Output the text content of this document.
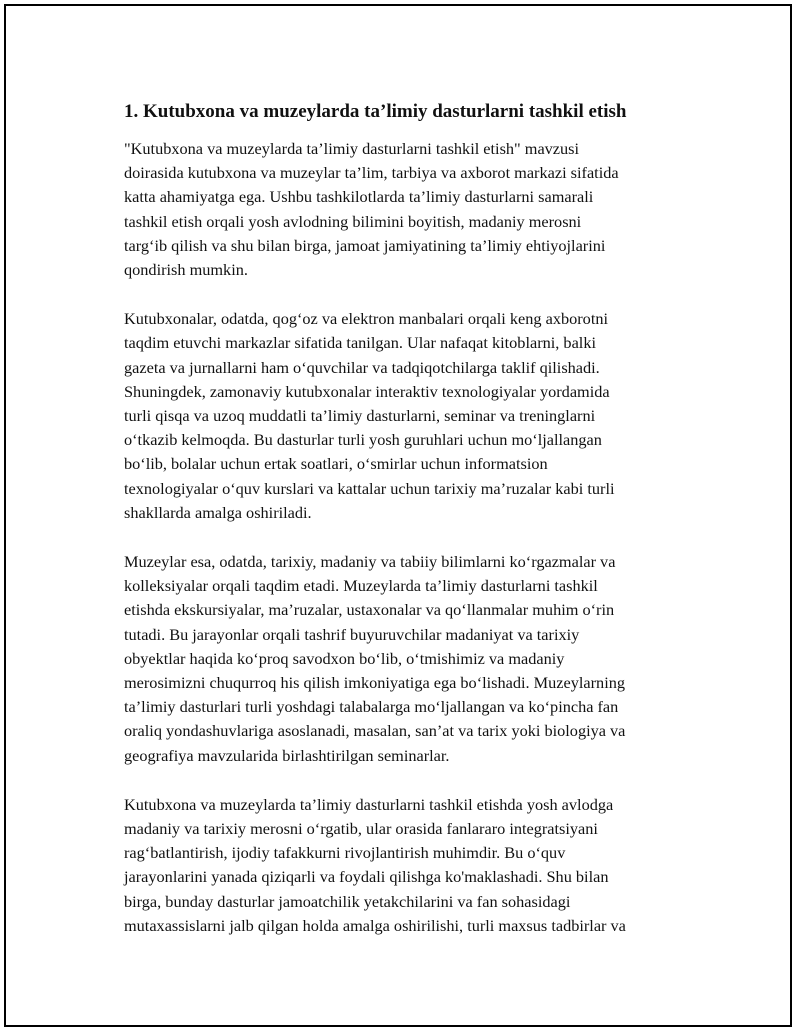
1. Kutubxona va muzeylarda ta’limiy dasturlarni tashkil etish

"Kutubxona va muzeylarda ta’limiy dasturlarni tashkil etish" mavzusi
doirasida kutubxona va muzeylar ta’lim, tarbiya va axborot markazi sifatida
katta ahamiyatga ega. Ushbu tashkilotlarda ta’limiy dasturlarni samarali
tashkil etish orqali yosh avlodning bilimini boyitish, madaniy merosni
targ‘ib qilish va shu bilan birga, jamoat jamiyatining ta’limiy ehtiyojlarini
qondirish mumkin.

Kutubxonalar, odatda, qog‘oz va elektron manbalari orqali keng axborotni
taqdim etuvchi markazlar sifatida tanilgan. Ular nafaqat kitoblarni, balki
gazeta va jurnallarni ham o‘quvchilar va tadqiqotchilarga taklif qilishadi.
Shuningdek, zamonaviy kutubxonalar interaktiv texnologiyalar yordamida
turli qisqa va uzoq muddatli ta’limiy dasturlarni, seminar va treninglarni
o‘tkazib kelmoqda. Bu dasturlar turli yosh guruhlari uchun mo‘ljallangan
bo‘lib, bolalar uchun ertak soatlari, o‘smirlar uchun informatsion
texnologiyalar o‘quv kurslari va kattalar uchun tarixiy ma’ruzalar kabi turli
shakllarda amalga oshiriladi.

Muzeylar esa, odatda, tarixiy, madaniy va tabiiy bilimlarni ko‘rgazmalar va
kolleksiyalar orqali taqdim etadi. Muzeylarda ta’limiy dasturlarni tashkil
etishda ekskursiyalar, ma’ruzalar, ustaxonalar va qo‘llanmalar muhim o‘rin
tutadi. Bu jarayonlar orqali tashrif buyuruvchilar madaniyat va tarixiy
obyektlar haqida ko‘proq savodxon bo‘lib, o‘tmishimiz va madaniy
merosimizni chuqurroq his qilish imkoniyatiga ega bo‘lishadi. Muzeylarning
ta’limiy dasturlari turli yoshdagi talabalarga mo‘ljallangan va ko‘pincha fan
oraliq yondashuvlariga asoslanadi, masalan, san’at va tarix yoki biologiya va
geografiya mavzularida birlashtirilgan seminarlar.

Kutubxona va muzeylarda ta’limiy dasturlarni tashkil etishda yosh avlodga
madaniy va tarixiy merosni o‘rgatib, ular orasida fanlararo integratsiyani
rag‘batlantirish, ijodiy tafakkurni rivojlantirish muhimdir. Bu o‘quv
jarayonlarini yanada qiziqarli va foydali qilishga ko'maklashadi. Shu bilan
birga, bunday dasturlar jamoatchilik yetakchilarini va fan sohasidagi
mutaxassislarni jalb qilgan holda amalga oshirilishi, turli maxsus tadbirlar va
